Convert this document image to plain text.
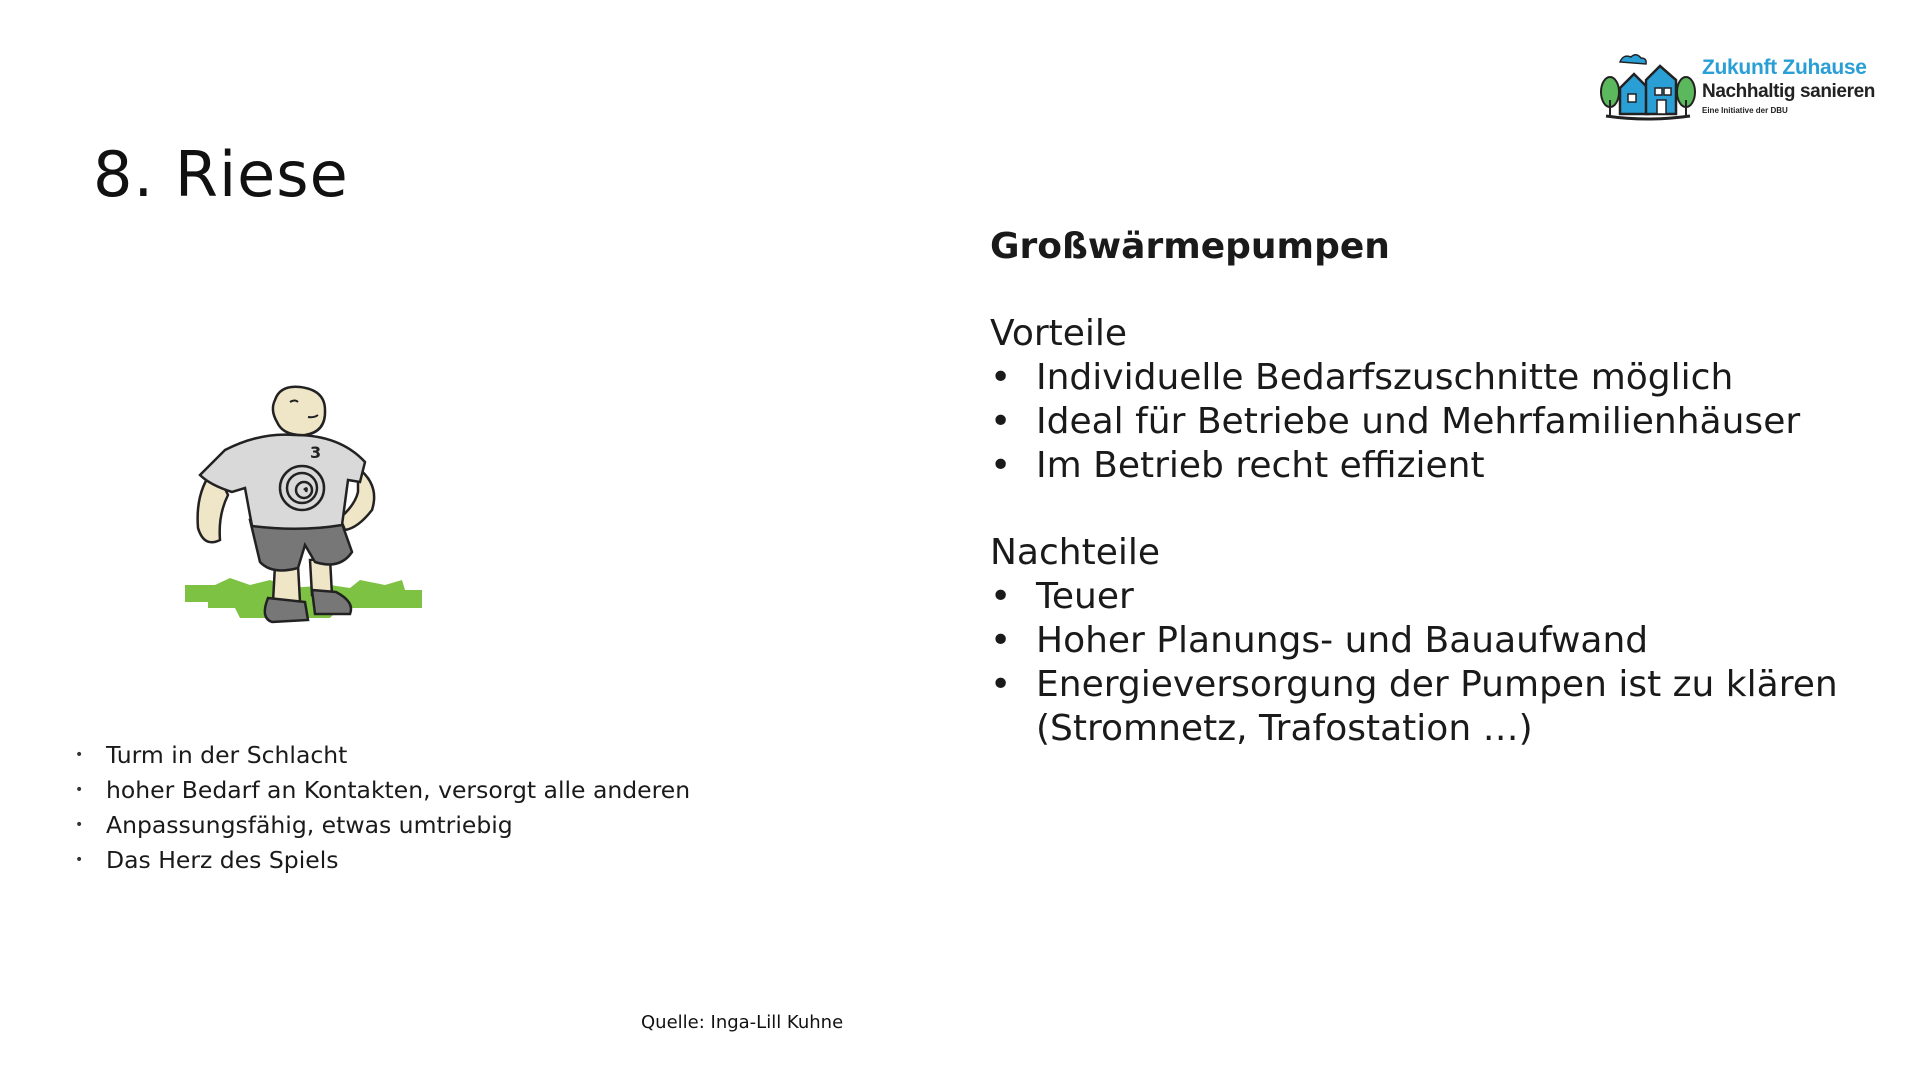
8. Riese
Zukunft Zuhause
Nachhaltig sanieren
Eine Initiative der DBU
3
• Turm in der Schlacht
• hoher Bedarf an Kontakten, versorgt alle anderen
• Anpassungsfähig, etwas umtriebig
• Das Herz des Spiels
Quelle: Inga-Lill Kuhne

Großwärmepumpen

Vorteile

• Individuelle Bedarfszuschnitte möglich
• Ideal für Betriebe und Mehrfamilienhäuser
• Im Betrieb recht effizient

Nachteile

• Teuer
• Hoher Planungs- und Bauaufwand
• Energieversorgung der Pumpen ist zu klären (Stromnetz, Trafostation …)
